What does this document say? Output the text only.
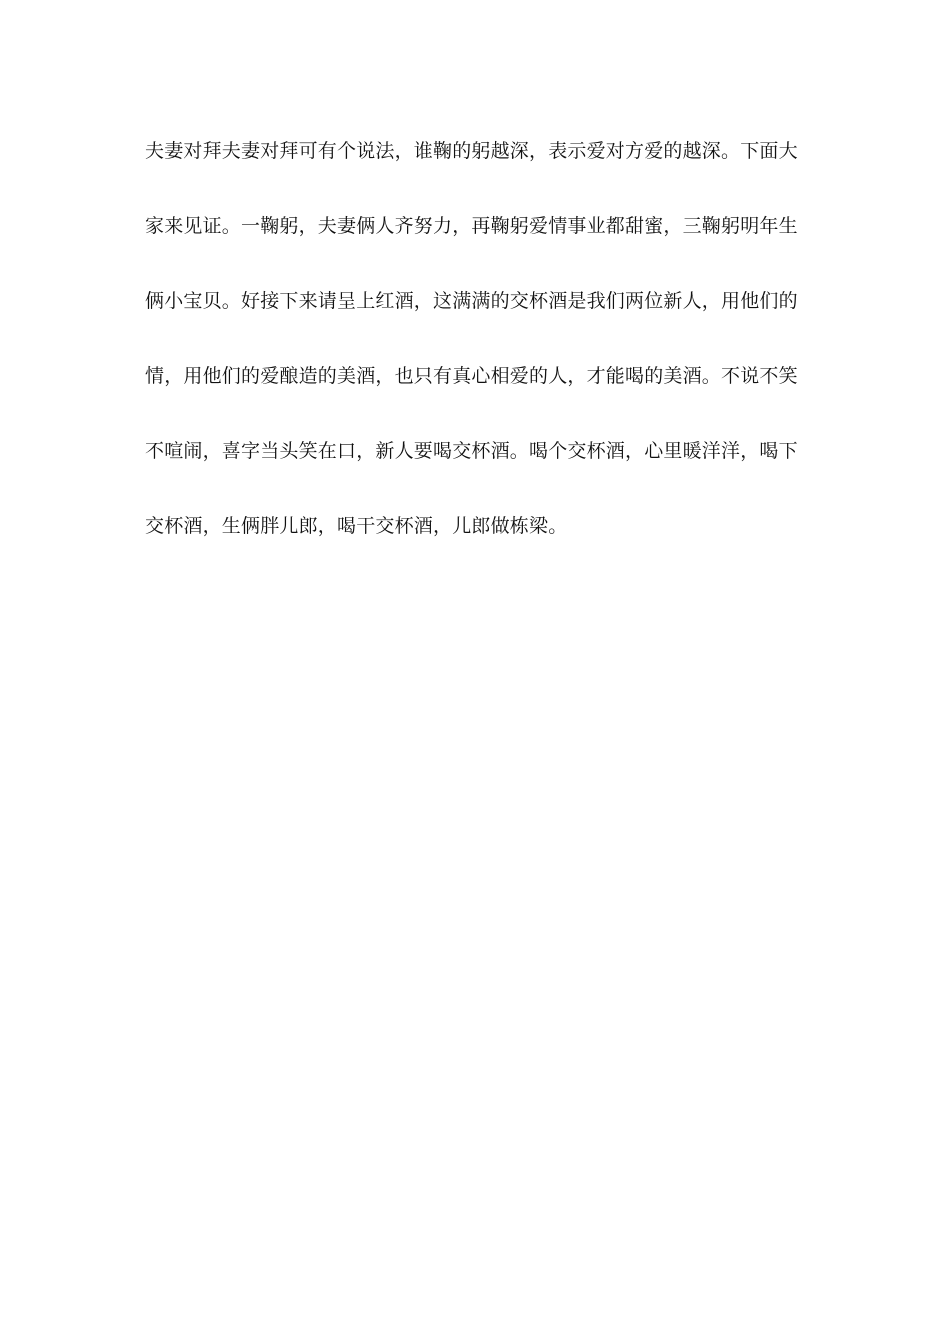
夫妻对拜夫妻对拜可有个说法，谁鞠的躬越深，表示爱对方爱的越深。下面大
家来见证。一鞠躬，夫妻俩人齐努力，再鞠躬爱情事业都甜蜜，三鞠躬明年生
俩小宝贝。好接下来请呈上红酒，这满满的交杯酒是我们两位新人，用他们的
情，用他们的爱酿造的美酒，也只有真心相爱的人，才能喝的美酒。不说不笑
不喧闹，喜字当头笑在口，新人要喝交杯酒。喝个交杯酒，心里暖洋洋，喝下
交杯酒，生俩胖儿郎，喝干交杯酒，儿郎做栋梁。
